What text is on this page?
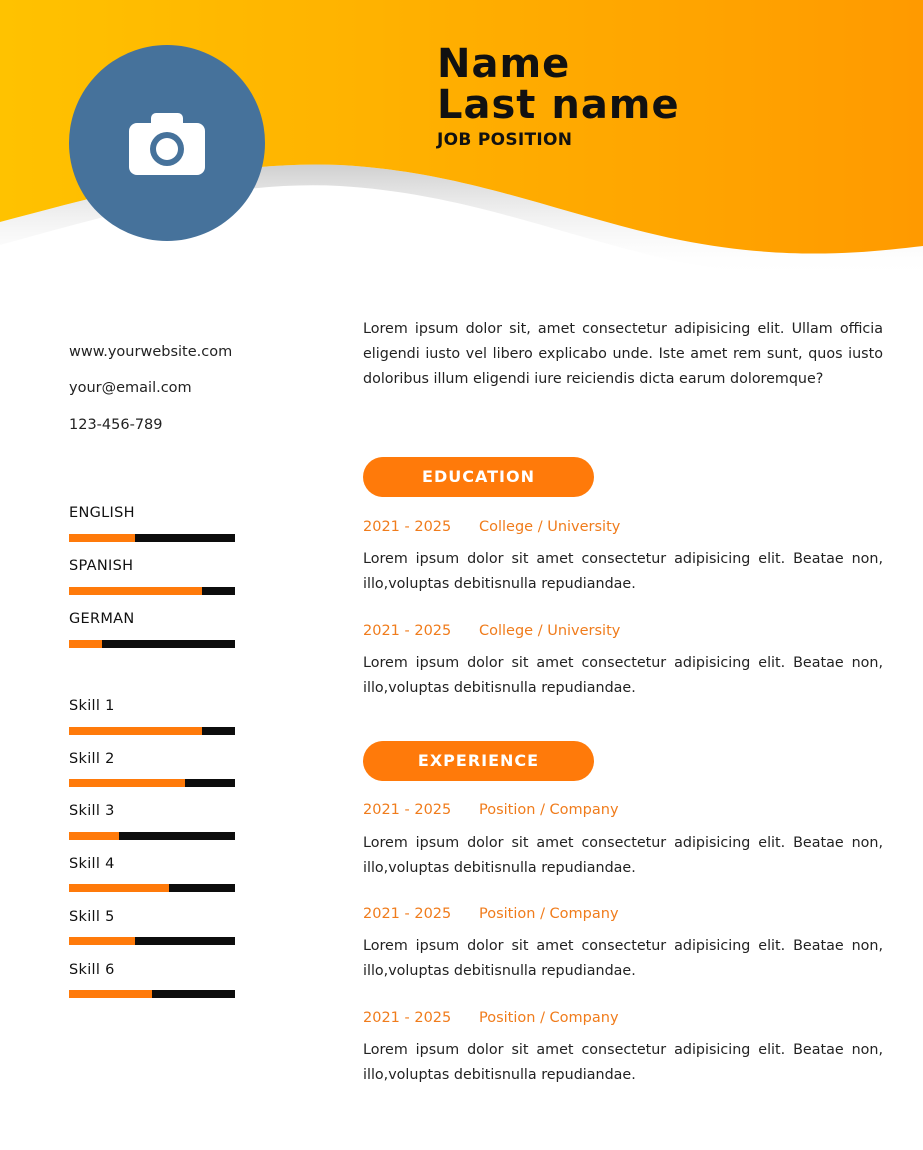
Name
Last name
JOB POSITION
www.yourwebsite.com
your@email.com
123-456-789
ENGLISH
SPANISH
GERMAN
Skill 1
Skill 2
Skill 3
Skill 4
Skill 5
Skill 6
Lorem ipsum dolor sit, amet consectetur adipisicing elit. Ullam officia eligendi iusto vel libero explicabo unde. Iste amet rem sunt, quos iusto doloribus illum eligendi iure reiciendis dicta earum doloremque?
EDUCATION
2021 - 2025 College / University
Lorem ipsum dolor sit amet consectetur adipisicing elit. Beatae non, illo,voluptas debitisnulla repudiandae.
2021 - 2025 College / University
Lorem ipsum dolor sit amet consectetur adipisicing elit. Beatae non, illo,voluptas debitisnulla repudiandae.
EXPERIENCE
2021 - 2025 Position / Company
Lorem ipsum dolor sit amet consectetur adipisicing elit. Beatae non, illo,voluptas debitisnulla repudiandae.
2021 - 2025 Position / Company
Lorem ipsum dolor sit amet consectetur adipisicing elit. Beatae non, illo,voluptas debitisnulla repudiandae.
2021 - 2025 Position / Company
Lorem ipsum dolor sit amet consectetur adipisicing elit. Beatae non, illo,voluptas debitisnulla repudiandae.
